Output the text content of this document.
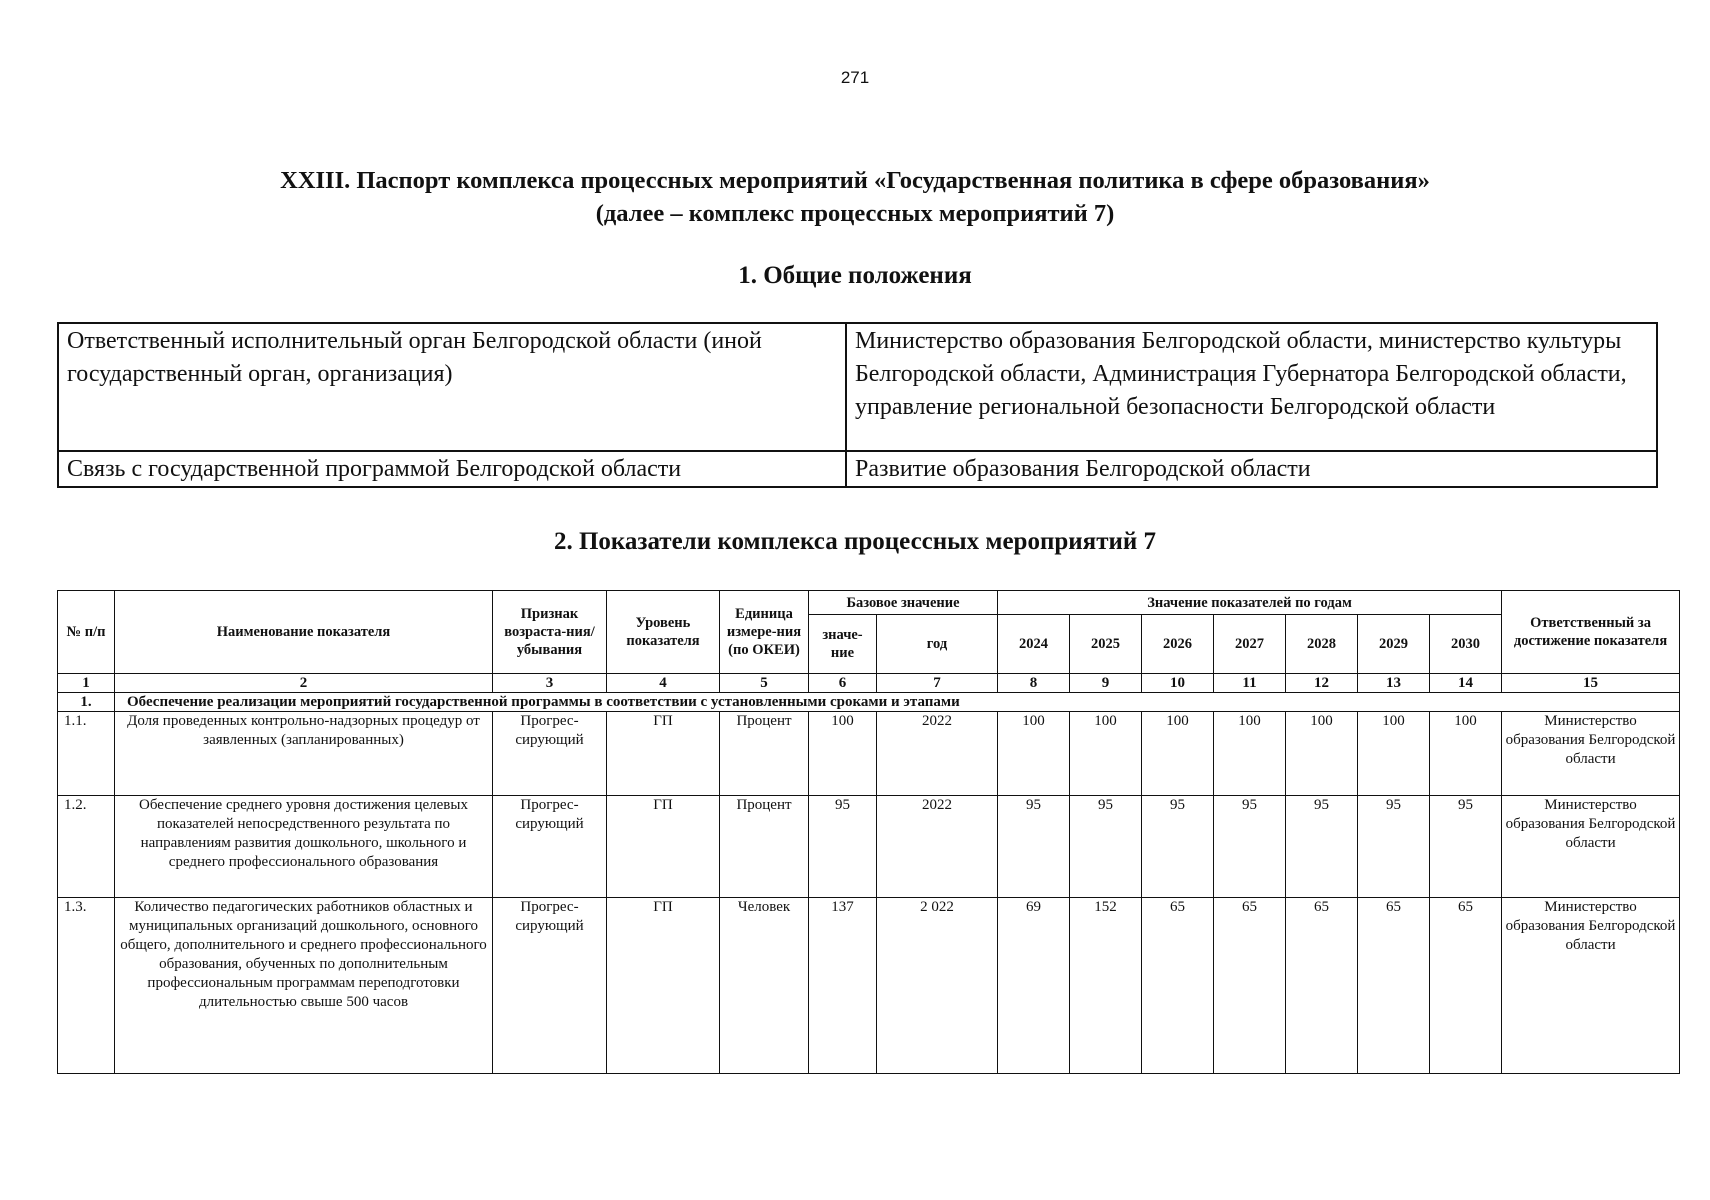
271
XXIII. Паспорт комплекса процессных мероприятий «Государственная политика в сфере образования»
(далее – комплекс процессных мероприятий 7)
1. Общие положения
Ответственный исполнительный орган Белгородской области (иной государственный орган, организация)	Министерство образования Белгородской области, министерство культуры Белгородской области, Администрация Губернатора Белгородской области, управление региональной безопасности Белгородской области
Связь с государственной программой Белгородской области	Развитие образования Белгородской области
2. Показатели комплекса процессных мероприятий 7
№ п/п	Наименование показателя	Признак возраста-ния/ убывания	Уровень показателя	Единица измере-ния (по ОКЕИ)	Базовое значение		Значение показателей по годам							Ответственный за достижение показателя
					значе-ние	год	2024	2025	2026	2027	2028	2029	2030	
1	2	3	4	5	6	7	8	9	10	11	12	13	14	15
1.	Обеспечение реализации мероприятий государственной программы в соответствии с установленными сроками и этапами													
1.1.	Доля проведенных контрольно-надзорных процедур от заявленных (запланированных)	Прогрес-сирующий	ГП	Процент	100	2022	100	100	100	100	100	100	100	Министерство образования Белгородской области
1.2.	Обеспечение среднего уровня достижения целевых показателей непосредственного результата по направлениям развития дошкольного, школьного и среднего профессионального образования	Прогрес-сирующий	ГП	Процент	95	2022	95	95	95	95	95	95	95	Министерство образования Белгородской области
1.3.	Количество педагогических работников областных и муниципальных организаций дошкольного, основного общего, дополнительного и среднего профессионального образования, обученных по дополнительным профессиональным программам переподготовки длительностью свыше 500 часов	Прогрес-сирующий	ГП	Человек	137	2 022	69	152	65	65	65	65	65	Министерство образования Белгородской области
